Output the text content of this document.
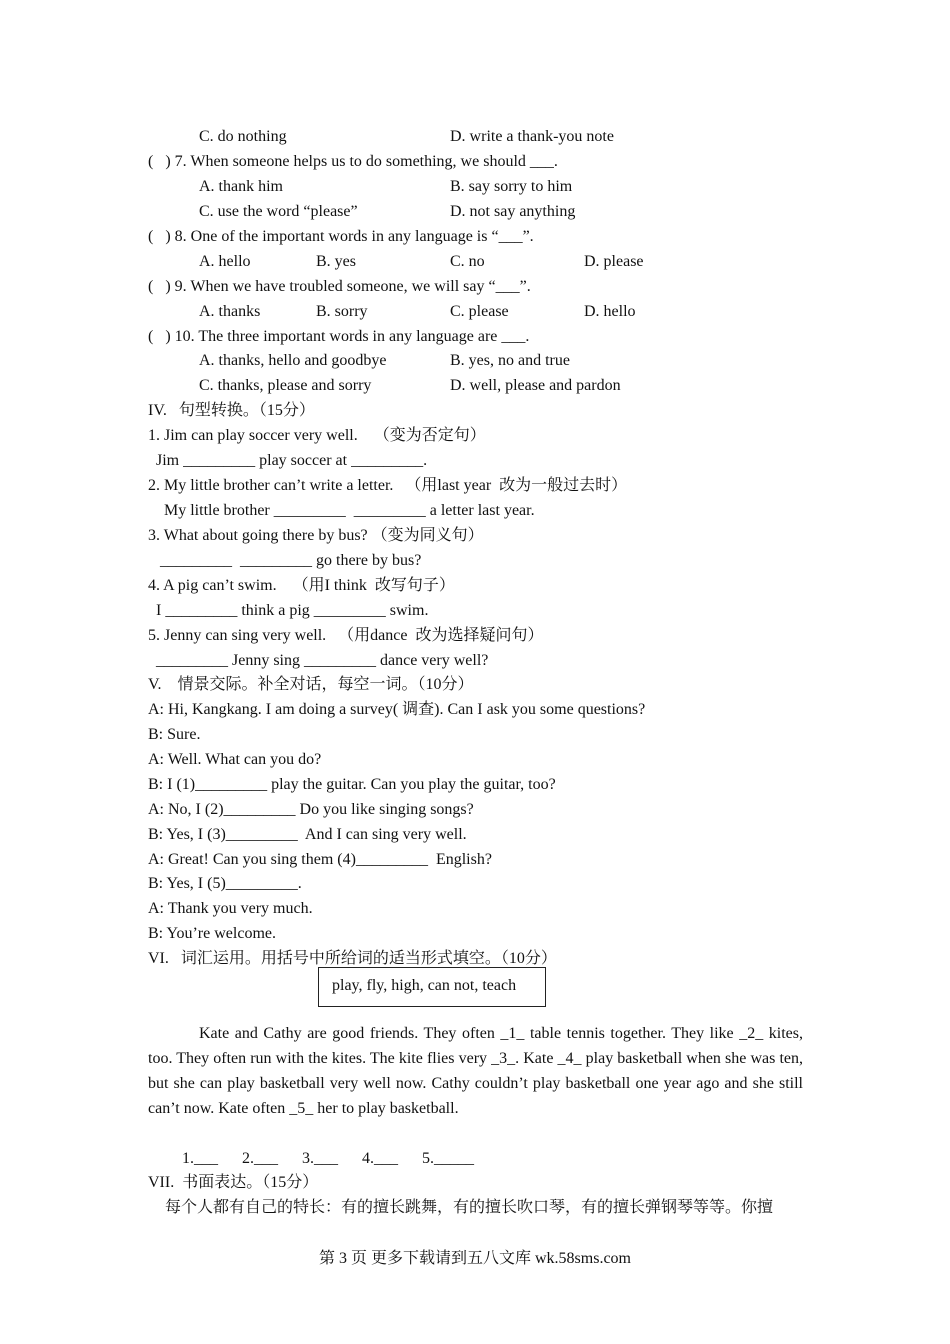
C. do nothing	D. write a thank-you note
(   ) 7. When someone helps us to do something, we should ___.
A. thank him	B. say sorry to him
C. use the word “please”	D. not say anything
(   ) 8. One of the important words in any language is “___”.
A. hello	B. yes	C. no	D. please
(   ) 9. When we have troubled someone, we will say “___”.
A. thanks	B. sorry	C. please	D. hello
(   ) 10. The three important words in any language are ___.
A. thanks, hello and goodbye	B. yes, no and true
C. thanks, please and sorry	D. well, please and pardon
IV.   句型转换。（15分）
1. Jim can play soccer very well.    （变为否定句）
Jim _________ play soccer at _________.
2. My little brother can’t write a letter.   （用last year  改为一般过去时）
My little brother _________  _________ a letter last year.
3. What about going there by bus? （变为同义句）
_________  _________ go there by bus?
4. A pig can’t swim.    （用I think  改写句子）
I _________ think a pig _________ swim.
5. Jenny can sing very well.   （用dance  改为选择疑问句）
_________ Jenny sing _________ dance very well?
V.    情景交际。补全对话，每空一词。（10分）
A: Hi, Kangkang. I am doing a survey( 调查). Can I ask you some questions?
B: Sure.
A: Well. What can you do?
B: I (1)_________ play the guitar. Can you play the guitar, too?
A: No, I (2)_________ Do you like singing songs?
B: Yes, I (3)_________  And I can sing very well.
A: Great! Can you sing them (4)_________  English?
B: Yes, I (5)_________.
A: Thank you very much.
B: You’re welcome.
VI.   词汇运用。用括号中所给词的适当形式填空。（10分）
play, fly, high, can not, teach
Kate and Cathy are good friends. They often _1_ table tennis together. They like _2_ kites, too. They often run with the kites. The kite flies very _3_. Kate _4_ play basketball when she was ten, but she can play basketball very well now. Cathy couldn’t play basketball one year ago and she still can’t now. Kate often _5_ her to play basketball.
1.___      2.___      3.___      4.___      5._____
VII.  书面表达。（15分）
每个人都有自己的特长：有的擅长跳舞，有的擅长吹口琴，有的擅长弹钢琴等等。你擅
第 3 页 更多下载请到五八文库 wk.58sms.com
